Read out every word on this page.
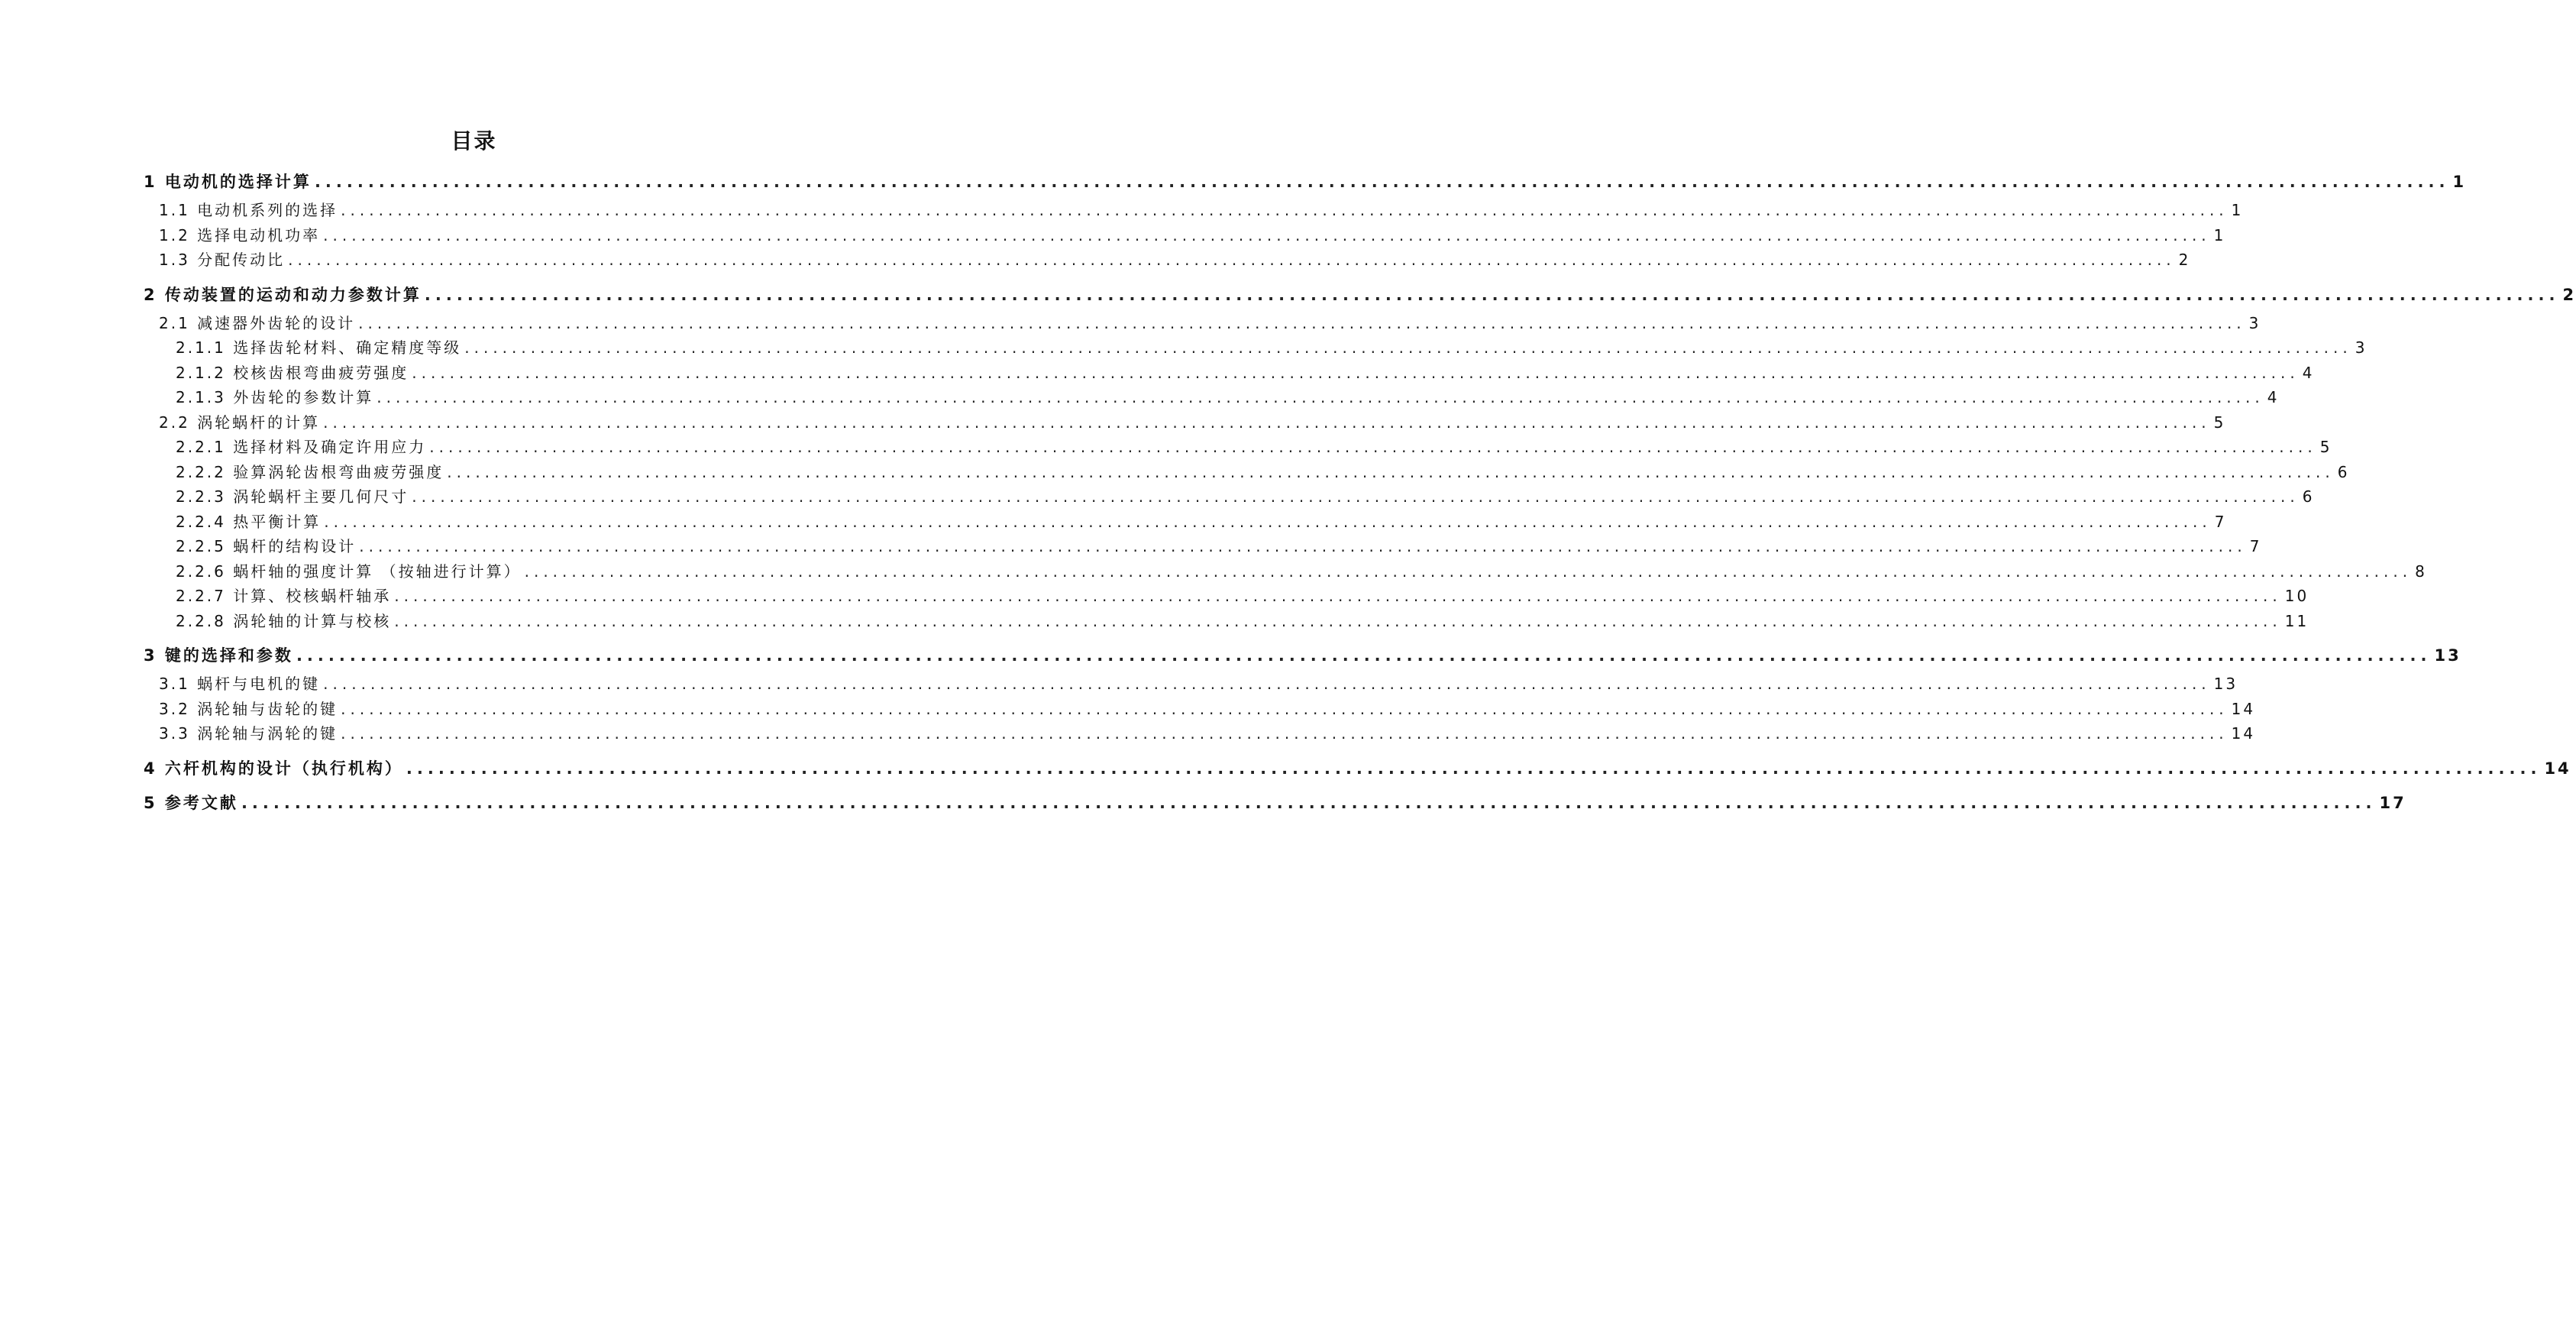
目录
1 电动机的选择计算 ........................................................................................................................................................................................................ 1
1.1 电动机系列的选择 ........................................................................................................................................................................................................ 1
1.2 选择电动机功率 ........................................................................................................................................................................................................ 1
1.3 分配传动比 ........................................................................................................................................................................................................ 2
2 传动装置的运动和动力参数计算 ........................................................................................................................................................................................................ 2
2.1 减速器外齿轮的设计 ........................................................................................................................................................................................................ 3
2.1.1 选择齿轮材料、确定精度等级 ........................................................................................................................................................................................................ 3
2.1.2 校核齿根弯曲疲劳强度 ........................................................................................................................................................................................................ 4
2.1.3 外齿轮的参数计算 ........................................................................................................................................................................................................ 4
2.2 涡轮蜗杆的计算 ........................................................................................................................................................................................................ 5
2.2.1 选择材料及确定许用应力 ........................................................................................................................................................................................................ 5
2.2.2 验算涡轮齿根弯曲疲劳强度 ........................................................................................................................................................................................................ 6
2.2.3 涡轮蜗杆主要几何尺寸 ........................................................................................................................................................................................................ 6
2.2.4 热平衡计算 ........................................................................................................................................................................................................ 7
2.2.5 蜗杆的结构设计 ........................................................................................................................................................................................................ 7
2.2.6 蜗杆轴的强度计算 （按轴进行计算） ........................................................................................................................................................................................................ 8
2.2.7 计算、校核蜗杆轴承 ........................................................................................................................................................................................................ 10
2.2.8 涡轮轴的计算与校核 ........................................................................................................................................................................................................ 11
3 键的选择和参数 ........................................................................................................................................................................................................ 13
3.1 蜗杆与电机的键 ........................................................................................................................................................................................................ 13
3.2 涡轮轴与齿轮的键 ........................................................................................................................................................................................................ 14
3.3 涡轮轴与涡轮的键 ........................................................................................................................................................................................................ 14
4 六杆机构的设计（执行机构） ........................................................................................................................................................................................................ 14
5 参考文献 ........................................................................................................................................................................................................ 17
